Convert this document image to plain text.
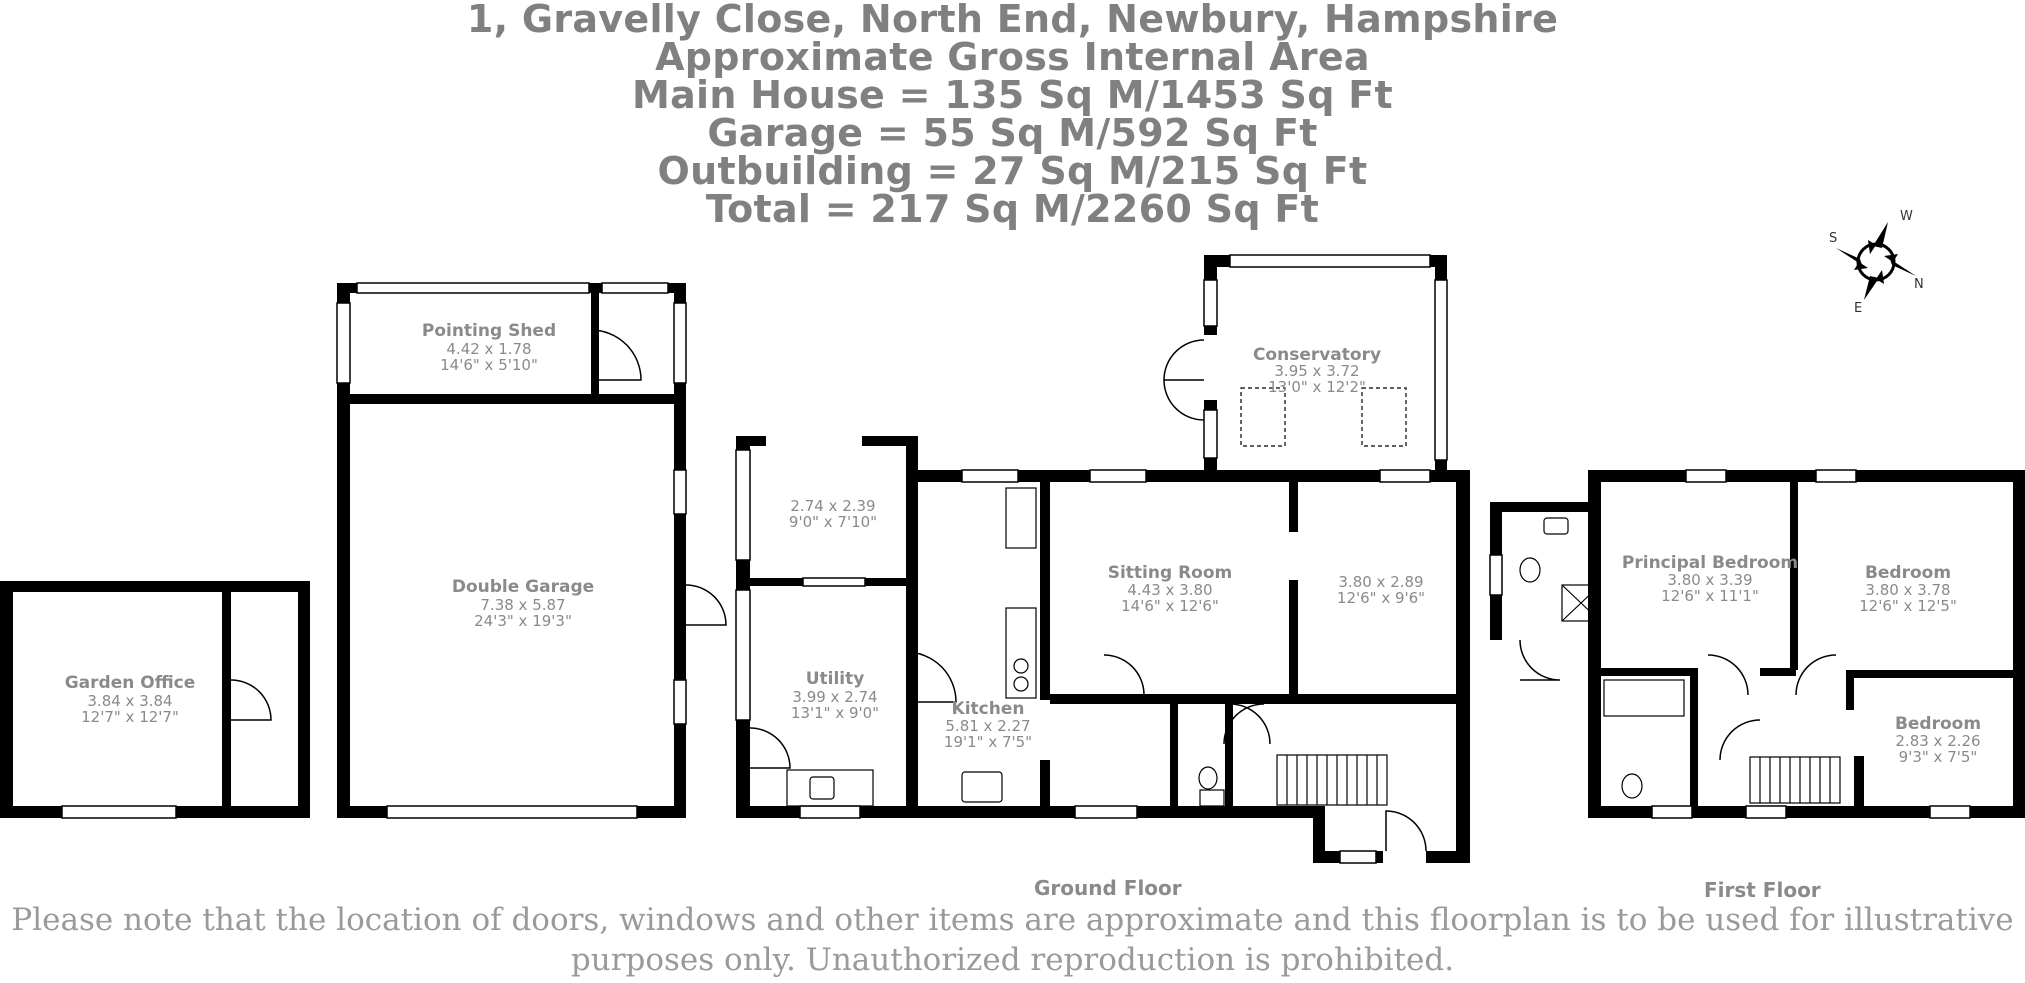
1, Gravelly Close, North End, Newbury, Hampshire
Approximate Gross Internal Area
Main House = 135 Sq M/1453 Sq Ft
Garage = 55 Sq M/592 Sq Ft
Outbuilding = 27 Sq M/215 Sq Ft
Total = 217 Sq M/2260 Sq Ft
Pointing Shed
4.42 x 1.78
14'6" x 5'10"
Double Garage
7.38 x 5.87
24'3" x 19'3"
Garden Office
3.84 x 3.84
12'7" x 12'7"
2.74 x 2.39
9'0" x 7'10"
Utility
3.99 x 2.74
13'1" x 9'0"	Kitchen
5.81 x 2.27
19'1" x 7'5"
Sitting Room
4.43 x 3.80
14'6" x 12'6"
3.80 x 2.89
12'6" x 9'6"
Conservatory
3.95 x 3.72
13'0" x 12'2"
Principal Bedroom
3.80 x 3.39
12'6" x 11'1"
Bedroom
3.80 x 3.78
12'6" x 12'5"
Bedroom
2.83 x 2.26
9'3" x 7'5"
W
S
N
E
Ground Floor	First Floor
Please note that the location of doors, windows and other items are approximate and this floorplan is to be used for illustrative
purposes only. Unauthorized reproduction is prohibited.
